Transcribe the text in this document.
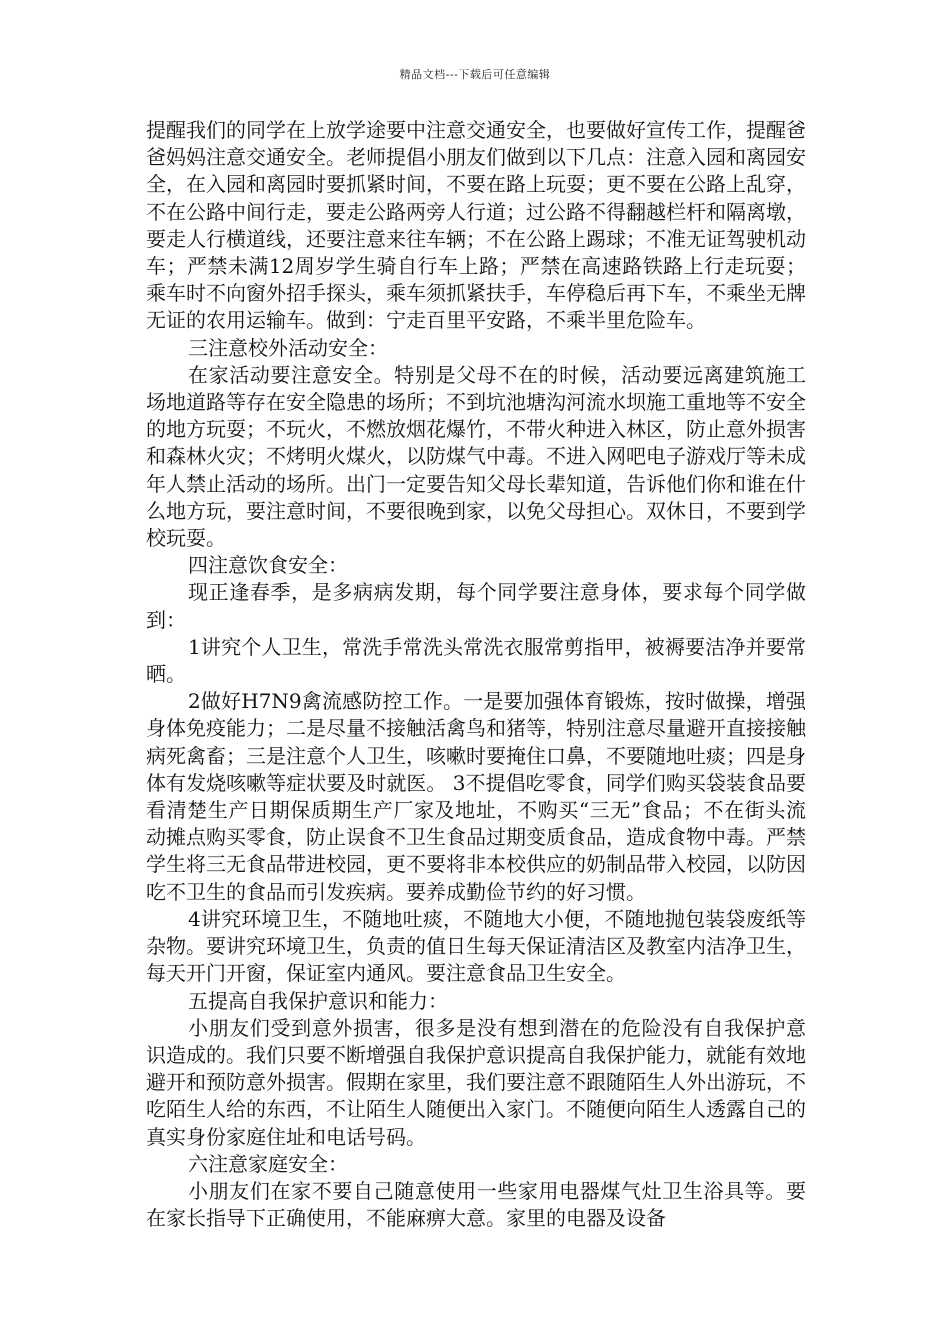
精品文档---下载后可任意编辑

提醒我们的同学在上放学途要中注意交通安全，也要做好宣传工作，提醒爸爸妈妈注意交通安全。老师提倡小朋友们做到以下几点：注意入园和离园安全，在入园和离园时要抓紧时间，不要在路上玩耍；更不要在公路上乱穿，不在公路中间行走，要走公路两旁人行道；过公路不得翻越栏杆和隔离墩，要走人行横道线，还要注意来往车辆；不在公路上踢球；不准无证驾驶机动车；严禁未满12周岁学生骑自行车上路；严禁在高速路铁路上行走玩耍；乘车时不向窗外招手探头，乘车须抓紧扶手，车停稳后再下车，不乘坐无牌无证的农用运输车。做到：宁走百里平安路，不乘半里危险车。

三注意校外活动安全：

在家活动要注意安全。特别是父母不在的时候，活动要远离建筑施工场地道路等存在安全隐患的场所；不到坑池塘沟河流水坝施工重地等不安全的地方玩耍；不玩火，不燃放烟花爆竹，不带火种进入林区，防止意外损害和森林火灾；不烤明火煤火，以防煤气中毒。不进入网吧电子游戏厅等未成年人禁止活动的场所。出门一定要告知父母长辈知道，告诉他们你和谁在什么地方玩，要注意时间，不要很晚到家，以免父母担心。双休日，不要到学校玩耍。

四注意饮食安全：

现正逢春季，是多病病发期，每个同学要注意身体，要求每个同学做到：

1讲究个人卫生，常洗手常洗头常洗衣服常剪指甲，被褥要洁净并要常晒。

2做好H7N9禽流感防控工作。一是要加强体育锻炼，按时做操，增强身体免疫能力；二是尽量不接触活禽鸟和猪等，特别注意尽量避开直接接触病死禽畜；三是注意个人卫生，咳嗽时要掩住口鼻，不要随地吐痰；四是身体有发烧咳嗽等症状要及时就医。 3不提倡吃零食，同学们购买袋装食品要看清楚生产日期保质期生产厂家及地址，不购买“三无”食品；不在街头流动摊点购买零食，防止误食不卫生食品过期变质食品，造成食物中毒。严禁学生将三无食品带进校园，更不要将非本校供应的奶制品带入校园，以防因吃不卫生的食品而引发疾病。要养成勤俭节约的好习惯。

4讲究环境卫生，不随地吐痰，不随地大小便，不随地抛包装袋废纸等杂物。要讲究环境卫生，负责的值日生每天保证清洁区及教室内洁净卫生，每天开门开窗，保证室内通风。要注意食品卫生安全。

五提高自我保护意识和能力：

小朋友们受到意外损害，很多是没有想到潜在的危险没有自我保护意识造成的。我们只要不断增强自我保护意识提高自我保护能力，就能有效地避开和预防意外损害。假期在家里，我们要注意不跟随陌生人外出游玩，不吃陌生人给的东西，不让陌生人随便出入家门。不随便向陌生人透露自己的真实身份家庭住址和电话号码。

六注意家庭安全：

小朋友们在家不要自己随意使用一些家用电器煤气灶卫生浴具等。要在家长指导下正确使用，不能麻痹大意。家里的电器及设备
